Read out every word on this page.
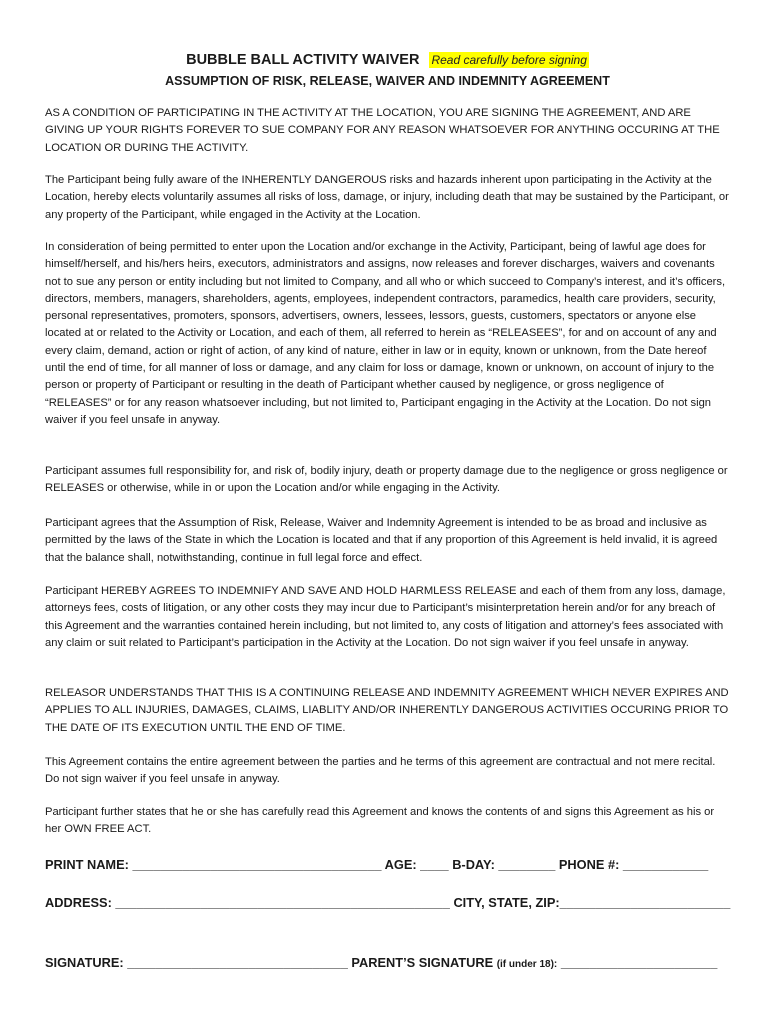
BUBBLE BALL ACTIVITY WAIVER Read carefully before signing
ASSUMPTION OF RISK, RELEASE, WAIVER AND INDEMNITY AGREEMENT

AS A CONDITION OF PARTICIPATING IN THE ACTIVITY AT THE LOCATION, YOU ARE SIGNING THE AGREEMENT, AND ARE GIVING UP YOUR RIGHTS FOREVER TO SUE COMPANY FOR ANY REASON WHATSOEVER FOR ANYTHING OCCURING AT THE LOCATION OR DURING THE ACTIVITY.

The Participant being fully aware of the INHERENTLY DANGEROUS risks and hazards inherent upon participating in the Activity at the Location, hereby elects voluntarily assumes all risks of loss, damage, or injury, including death that may be sustained by the Participant, or any property of the Participant, while engaged in the Activity at the Location.

In consideration of being permitted to enter upon the Location and/or exchange in the Activity, Participant, being of lawful age does for himself/herself, and his/hers heirs, executors, administrators and assigns, now releases and forever discharges, waivers and covenants not to sue any person or entity including but not limited to Company, and all who or which succeed to Company’s interest, and it’s officers, directors, members, managers, shareholders, agents, employees, independent contractors, paramedics, health care providers, security, personal representatives, promoters, sponsors, advertisers, owners, lessees, lessors, guests, customers, spectators or anyone else located at or related to the Activity or Location, and each of them, all referred to herein as “RELEASEES”, for and on account of any and every claim, demand, action or right of action, of any kind of nature, either in law or in equity, known or unknown, from the Date hereof until the end of time, for all manner of loss or damage, and any claim for loss or damage, known or unknown, on account of injury to the person or property of Participant or resulting in the death of Participant whether caused by negligence, or gross negligence of “RELEASES” or for any reason whatsoever including, but not limited to, Participant engaging in the Activity at the Location. Do not sign waiver if you feel unsafe in anyway.

Participant assumes full responsibility for, and risk of, bodily injury, death or property damage due to the negligence or gross negligence or RELEASES or otherwise, while in or upon the Location and/or while engaging in the Activity.

Participant agrees that the Assumption of Risk, Release, Waiver and Indemnity Agreement is intended to be as broad and inclusive as permitted by the laws of the State in which the Location is located and that if any proportion of this Agreement is held invalid, it is agreed that the balance shall, notwithstanding, continue in full legal force and effect.

Participant HEREBY AGREES TO INDEMNIFY AND SAVE AND HOLD HARMLESS RELEASE and each of them from any loss, damage, attorneys fees, costs of litigation, or any other costs they may incur due to Participant’s misinterpretation herein and/or for any breach of this Agreement and the warranties contained herein including, but not limited to, any costs of litigation and attorney’s fees associated with any claim or suit related to Participant’s participation in the Activity at the Location. Do not sign waiver if you feel unsafe in anyway.

RELEASOR UNDERSTANDS THAT THIS IS A CONTINUING RELEASE AND INDEMNITY AGREEMENT WHICH NEVER EXPIRES AND APPLIES TO ALL INJURIES, DAMAGES, CLAIMS, LIABLITY AND/OR INHERENTLY DANGEROUS ACTIVITIES OCCURING PRIOR TO THE DATE OF ITS EXECUTION UNTIL THE END OF TIME.

This Agreement contains the entire agreement between the parties and he terms of this agreement are contractual and not mere recital. Do not sign waiver if you feel unsafe in anyway.

Participant further states that he or she has carefully read this Agreement and knows the contents of and signs this Agreement as his or her OWN FREE ACT.

PRINT NAME: ___________________________________ AGE: ____ B-DAY: ________ PHONE #: ____________
ADDRESS: _______________________________________________ CITY, STATE, ZIP:________________________
SIGNATURE: _______________________________ PARENT’S SIGNATURE (if under 18): ______________________
